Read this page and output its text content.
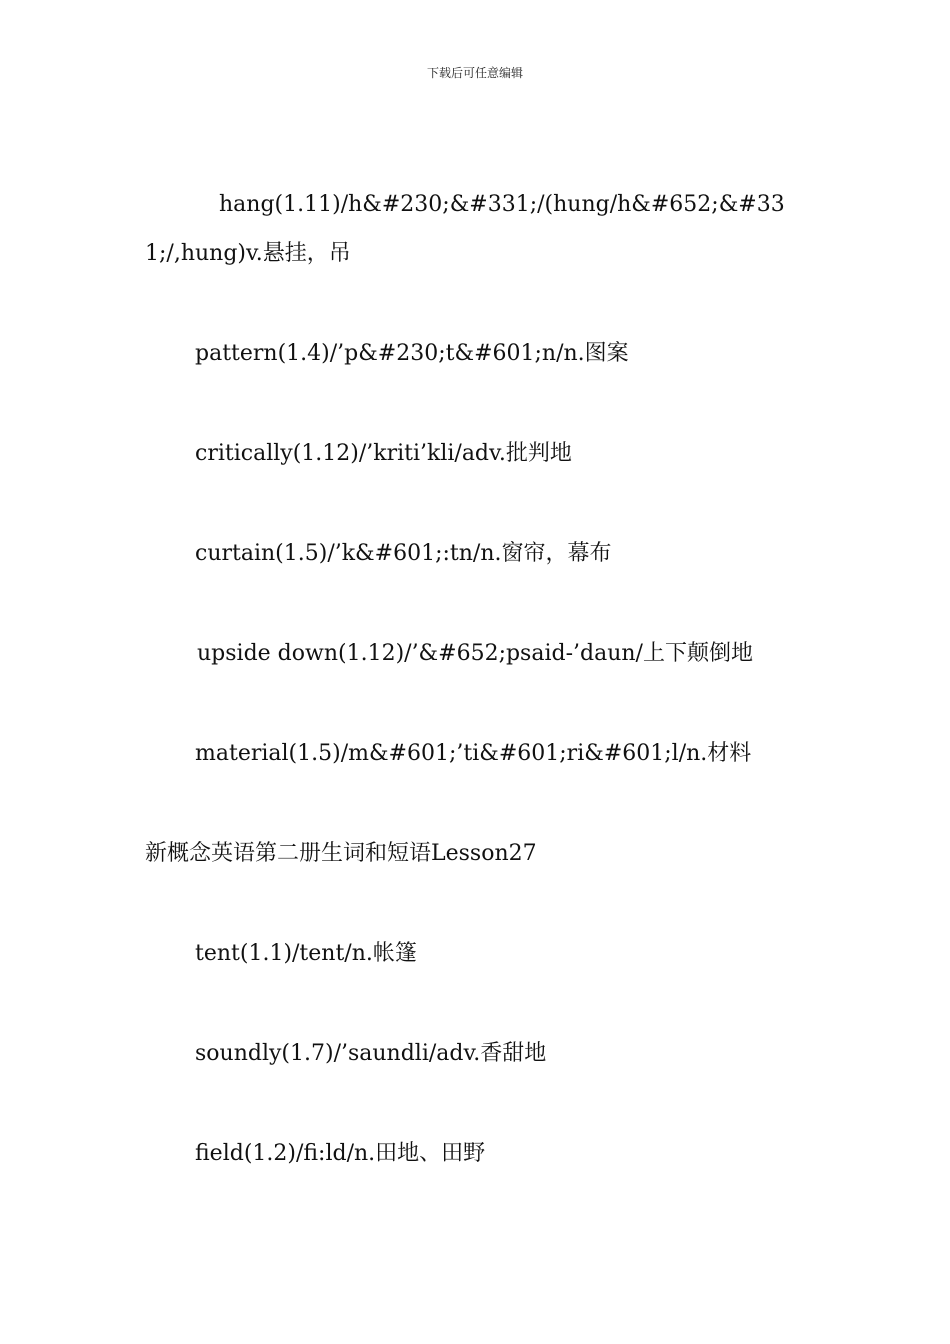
下载后可任意编辑

hang(1.11)/h&#230;&#331;/(hung/h&#652;&#331;/,hung)v.悬挂，吊

pattern(1.4)/’p&#230;t&#601;n/n.图案

critically(1.12)/’kriti’kli/adv.批判地

curtain(1.5)/’k&#601;:tn/n.窗帘，幕布

upside down(1.12)/’&#652;psaid-’daun/上下颠倒地

material(1.5)/m&#601;’ti&#601;ri&#601;l/n.材料

新概念英语第二册生词和短语Lesson27

tent(1.1)/tent/n.帐篷

soundly(1.7)/’saundli/adv.香甜地

field(1.2)/fi:ld/n.田地、田野
